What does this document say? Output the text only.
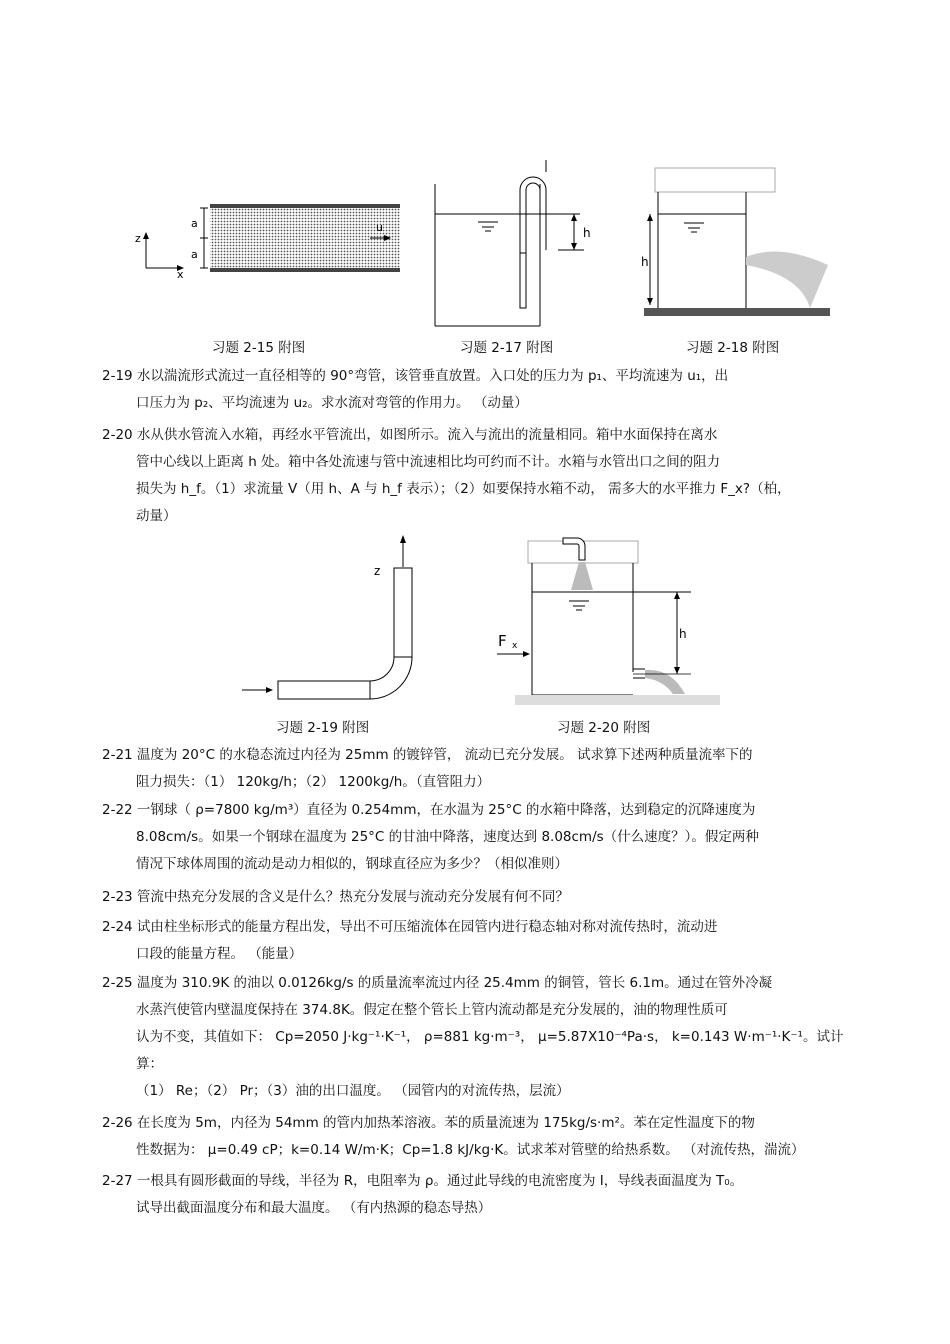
a
a
z
x
u
习题 2-15 附图
h
习题 2-17 附图
h
习题 2-18 附图
2-19 水以湍流形式流过一直径相等的 90°弯管，该管垂直放置。入口处的压力为 p₁、平均流速为 u₁，出
口压力为 p₂、平均流速为 u₂。求水流对弯管的作用力。 （动量）
2-20 水从供水管流入水箱，再经水平管流出，如图所示。流入与流出的流量相同。箱中水面保持在离水
管中心线以上距离 h 处。箱中各处流速与管中流速相比均可约而不计。水箱与水管出口之间的阻力
损失为 h_f。（1）求流量 V（用 h、A 与 h_f 表示）；（2）如要保持水箱不动， 需多大的水平推力 F_x?（柏，
动量）
z
习题 2-19 附图
h
F x
习题 2-20 附图
2-21 温度为 20°C 的水稳态流过内径为 25mm 的镀锌管， 流动已充分发展。 试求算下述两种质量流率下的
阻力损失：（1） 120kg/h；（2） 1200kg/h。（直管阻力）
2-22 一钢球（ ρ=7800 kg/m³）直径为 0.254mm，在水温为 25°C 的水箱中降落，达到稳定的沉降速度为
8.08cm/s。如果一个钢球在温度为 25°C 的甘油中降落，速度达到 8.08cm/s（什么速度？）。假定两种
情况下球体周围的流动是动力相似的，钢球直径应为多少？（相似准则）
2-23 管流中热充分发展的含义是什么？热充分发展与流动充分发展有何不同？
2-24 试由柱坐标形式的能量方程出发，导出不可压缩流体在园管内进行稳态轴对称对流传热时，流动进
口段的能量方程。 （能量）
2-25 温度为 310.9K 的油以 0.0126kg/s 的质量流率流过内径 25.4mm 的铜管，管长 6.1m。通过在管外冷凝
水蒸汽使管内壁温度保持在 374.8K。假定在整个管长上管内流动都是充分发展的，油的物理性质可
认为不变，其值如下： Cp=2050 J·kg⁻¹·K⁻¹， ρ=881 kg·m⁻³， μ=5.87X10⁻⁴Pa·s， k=0.143 W·m⁻¹·K⁻¹。试计
算：
（1） Re；（2） Pr；（3）油的出口温度。 （园管内的对流传热，层流）
2-26 在长度为 5m，内径为 54mm 的管内加热苯溶液。苯的质量流速为 175kg/s·m²。苯在定性温度下的物
性数据为： μ=0.49 cP；k=0.14 W/m·K；Cp=1.8 kJ/kg·K。试求苯对管壁的给热系数。 （对流传热，湍流）
2-27 一根具有圆形截面的导线，半径为 R，电阻率为 ρ。通过此导线的电流密度为 I，导线表面温度为 T₀。
试导出截面温度分布和最大温度。 （有内热源的稳态导热）
